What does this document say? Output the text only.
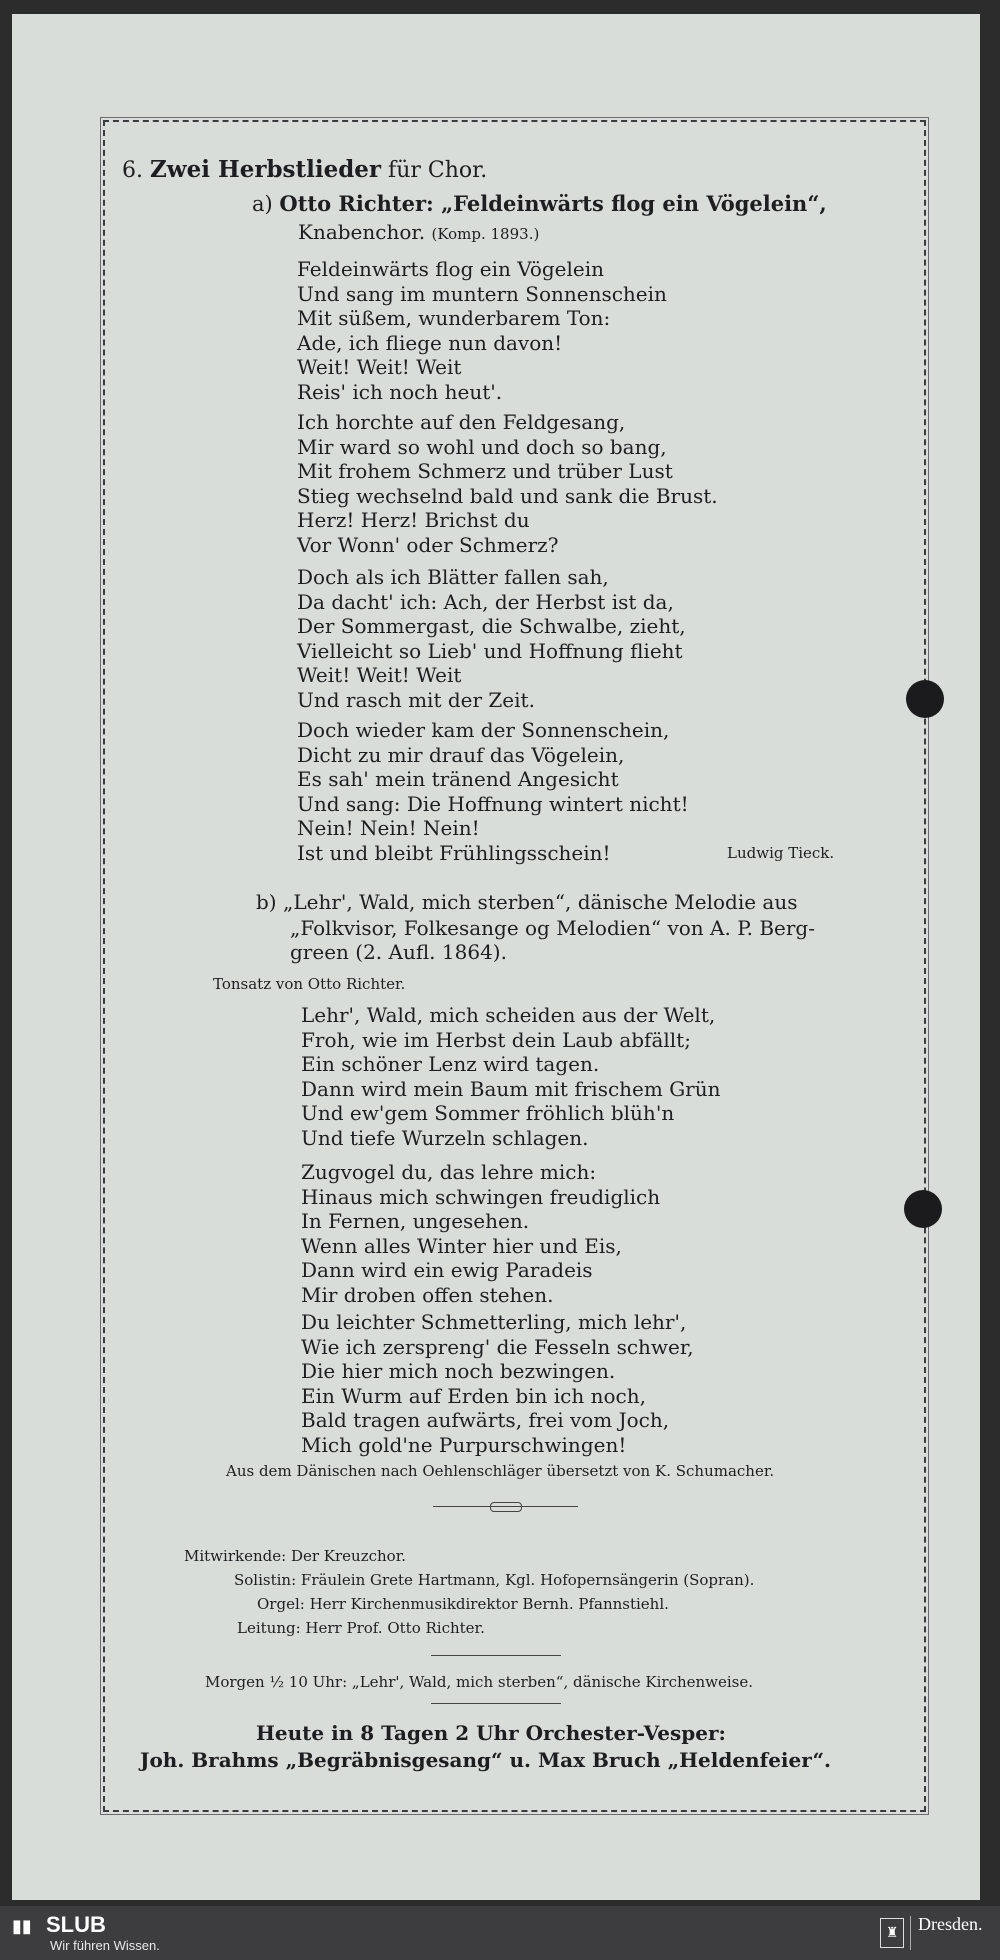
6. Zwei Herbstlieder für Chor.
a) Otto Richter: „Feldeinwärts flog ein Vögelein“,
Knabenchor. (Komp. 1893.)
Feldeinwärts flog ein Vögelein
Und sang im muntern Sonnenschein
Mit süßem, wunderbarem Ton:
Ade, ich fliege nun davon!
Weit! Weit! Weit
Reis' ich noch heut'.
Ich horchte auf den Feldgesang,
Mir ward so wohl und doch so bang,
Mit frohem Schmerz und trüber Lust
Stieg wechselnd bald und sank die Brust.
Herz! Herz! Brichst du
Vor Wonn' oder Schmerz?
Doch als ich Blätter fallen sah,
Da dacht' ich: Ach, der Herbst ist da,
Der Sommergast, die Schwalbe, zieht,
Vielleicht so Lieb' und Hoffnung flieht
Weit! Weit! Weit
Und rasch mit der Zeit.
Doch wieder kam der Sonnenschein,
Dicht zu mir drauf das Vögelein,
Es sah' mein tränend Angesicht
Und sang: Die Hoffnung wintert nicht!
Nein! Nein! Nein!
Ist und bleibt Frühlingsschein!	Ludwig Tieck.
b) „Lehr', Wald, mich sterben“, dänische Melodie aus
„Folkvisor, Folkesange og Melodien“ von A. P. Berg-
green (2. Aufl. 1864).
Tonsatz von Otto Richter.
Lehr', Wald, mich scheiden aus der Welt,
Froh, wie im Herbst dein Laub abfällt;
Ein schöner Lenz wird tagen.
Dann wird mein Baum mit frischem Grün
Und ew'gem Sommer fröhlich blüh'n
Und tiefe Wurzeln schlagen.
Zugvogel du, das lehre mich:
Hinaus mich schwingen freudiglich
In Fernen, ungesehen.
Wenn alles Winter hier und Eis,
Dann wird ein ewig Paradeis
Mir droben offen stehen.
Du leichter Schmetterling, mich lehr',
Wie ich zerspreng' die Fesseln schwer,
Die hier mich noch bezwingen.
Ein Wurm auf Erden bin ich noch,
Bald tragen aufwärts, frei vom Joch,
Mich gold'ne Purpurschwingen!
Aus dem Dänischen nach Oehlenschläger übersetzt von K. Schumacher.
Mitwirkende: Der Kreuzchor.
Solistin: Fräulein Grete Hartmann, Kgl. Hofopernsängerin (Sopran).
Orgel: Herr Kirchenmusikdirektor Bernh. Pfannstiehl.
Leitung: Herr Prof. Otto Richter.
Morgen ½ 10 Uhr: „Lehr', Wald, mich sterben“, dänische Kirchenweise.
Heute in 8 Tagen 2 Uhr Orchester-Vesper:
Joh. Brahms „Begräbnisgesang“ u. Max Bruch „Heldenfeier“.
▮▮ SLUB
Wir führen Wissen.
♜	Dresden.
